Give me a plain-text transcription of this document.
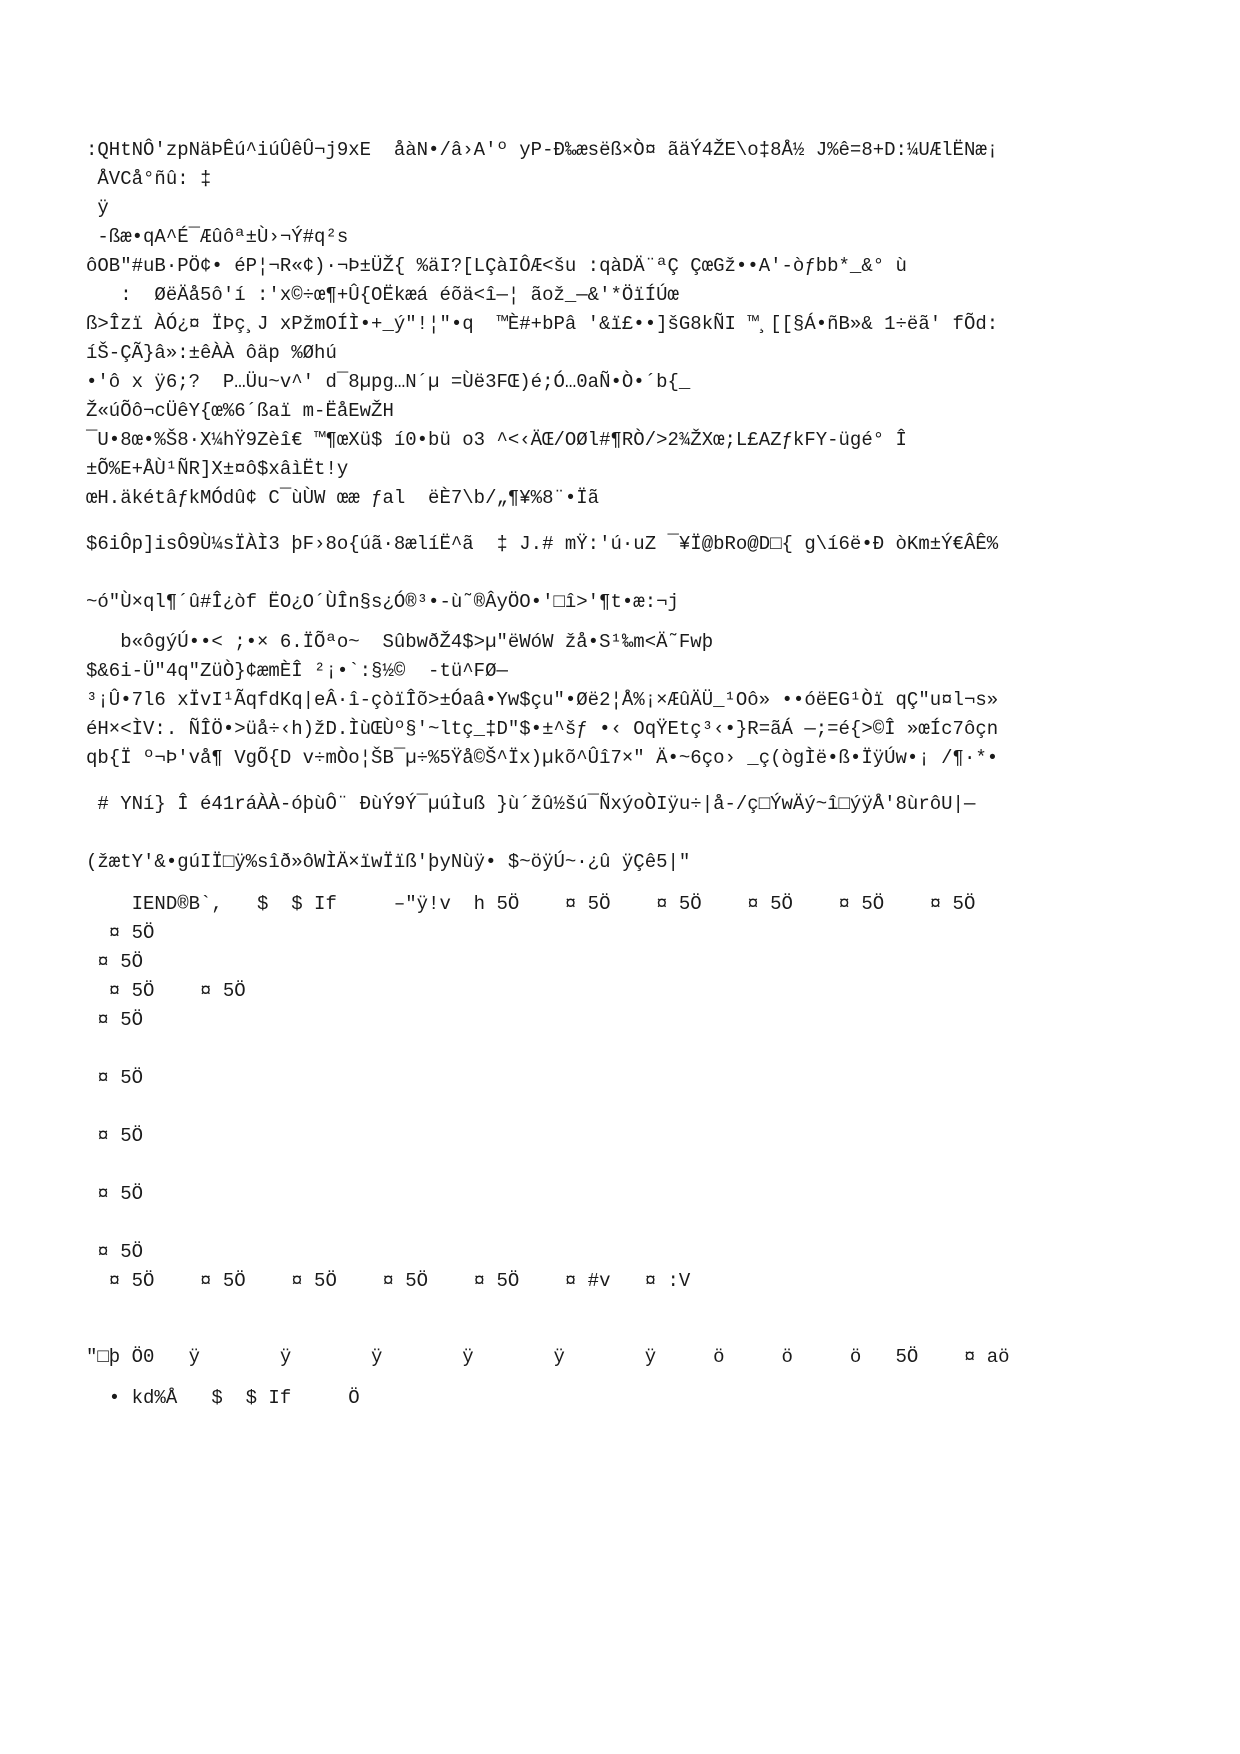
:QHtNÔ'zpNäÞÊú^iúÛêÛ¬j9xE  åàN•/â›A'º yP-Ð‰æsëß×Ò¤ ãäÝ4ŽE\o‡8Å½ J%ê=8+D:¼UÆlËNæ¡
ÅVCå°ñû: ‡
ÿ
-ßæ•qA^É¯Æûôª±Ù›¬Ý#q²s
ôOB"#uB·PÖ¢• éP¦¬R«¢)·¬Þ±ÜŽ{ %äI?[LÇàIÔÆ<šu :qàDÄ¨ªÇ ÇœGž••A'-òƒbb*_&° ù
:  ØëÄå5ô'í :'x©÷œ¶+Û{OËkæá éõä<î—¦ ãož_—&'*ÖïÍÚœ
ß>Îzï ÀÓ¿¤ ÏÞç¸J xPžmOÍÌ•+_ý"!¦"•q  ™È#+bPâ '&ï£••]šG8kÑI ™¸[[§Á•ñB»& 1÷ëã' fÕd:
íŠ-ÇÃ}â»:±êÀÀ ôäp %Øhú
•'ô x ÿ6;?  P…Üu~v^' d¯8µpg…N´µ =Ùë3FŒ)é;Ó…0aÑ•Ò•´b{_
Ž«úÕô¬cÜêY{œ%6´ßaï m-ËåEwŽH
¯U•8œ•%Š8·X¼hŸ9Zèî€ ™¶œXü$ í0•bü o3 ^<‹ÄŒ/OØl#¶RÒ/>2¾ŽXœ;L£AZƒkFY-ügé° Î
±Õ%E+ÅÙ¹ÑR]X±¤ô$xâìËt!y
œH.äkétâƒkMÓdû¢ C¯ùÙW œæ ƒal  ëÈ7\b/„¶¥%8¨•Ïã
$6iÔp]isÔ9Ù¼sÏÀÌ3 þF›8o{úã·8ælíË^ã  ‡ J.# mŸ:'ú·uZ ¯¥Ï@bRo@D□{ g\í6ë•Ð òKm±Ý€ÂÊ%
~ó"Ù×ql¶´û#Î¿òf ËO¿O´ÙÎn§s¿Ó®³•-ù˜®ÂyÖO•'□î>'¶t•æ:¬j
b«ôgýÚ••< ;•× 6.ÏÕªo~  SûbwðŽ4$>µ"ëWóW žå•S¹‰m<Ä˜Fwþ
$&6i-Ü"4q"ZüÒ}¢æmÈÎ ²¡•`:§½©  -tü^FØ—
³¡Û•7l6 xÏvI¹ÃqfdKq|eÂ·î-çòïÎõ>±Óaâ•Yw$çu"•Øë2¦Å%¡×ÆûÄÜ_¹Oô» ••óëEG¹Òï qÇ"u¤l¬s»
éH×<ÌV:. ÑÎÖ•>üå÷‹h)žD.ÌùŒÙº§'~ltç_‡D"$•±^šƒ •‹ OqŸEtç³‹•}R=ãÁ —;=é{>©Î »œÍc7ôçn
qb{Ï º¬Þ'vå¶ VgÕ{D v÷mÒo¦ŠB¯µ÷%5Ÿå©Š^Ïx)µkõ^Ûî7×" Ä•~6ço› _ç(ògÌë•ß•ÏÿÚw•¡ /¶·*•
# YNí} Î é41ráÀÀ-óþùÔ¨ ÐùÝ9Ý¯µúÌuß }ù´žû½šú¯ÑxýoÒIÿu÷|å-/ç□ÝwÄý~î□ýÿÅ'8ùrôU|—
(žætY'&•gúIÏ□ÿ%sîð»ôWÌÄ×ïwÏïß'þyNùÿ• $~öÿÚ~·¿û ÿÇê5|"
IEND®B`,   $  $ If     –"ÿ!v  h 5Ö    ¤ 5Ö    ¤ 5Ö    ¤ 5Ö    ¤ 5Ö    ¤ 5Ö
¤ 5Ö
¤ 5Ö
¤ 5Ö    ¤ 5Ö
¤ 5Ö
¤ 5Ö
¤ 5Ö
¤ 5Ö
¤ 5Ö
¤ 5Ö    ¤ 5Ö    ¤ 5Ö    ¤ 5Ö    ¤ 5Ö    ¤ #v   ¤ :V
"□þ Ö0   ÿ       ÿ       ÿ       ÿ       ÿ       ÿ     ö     ö     ö   5Ö    ¤ aö
• kd%Å   $  $ If     Ö
